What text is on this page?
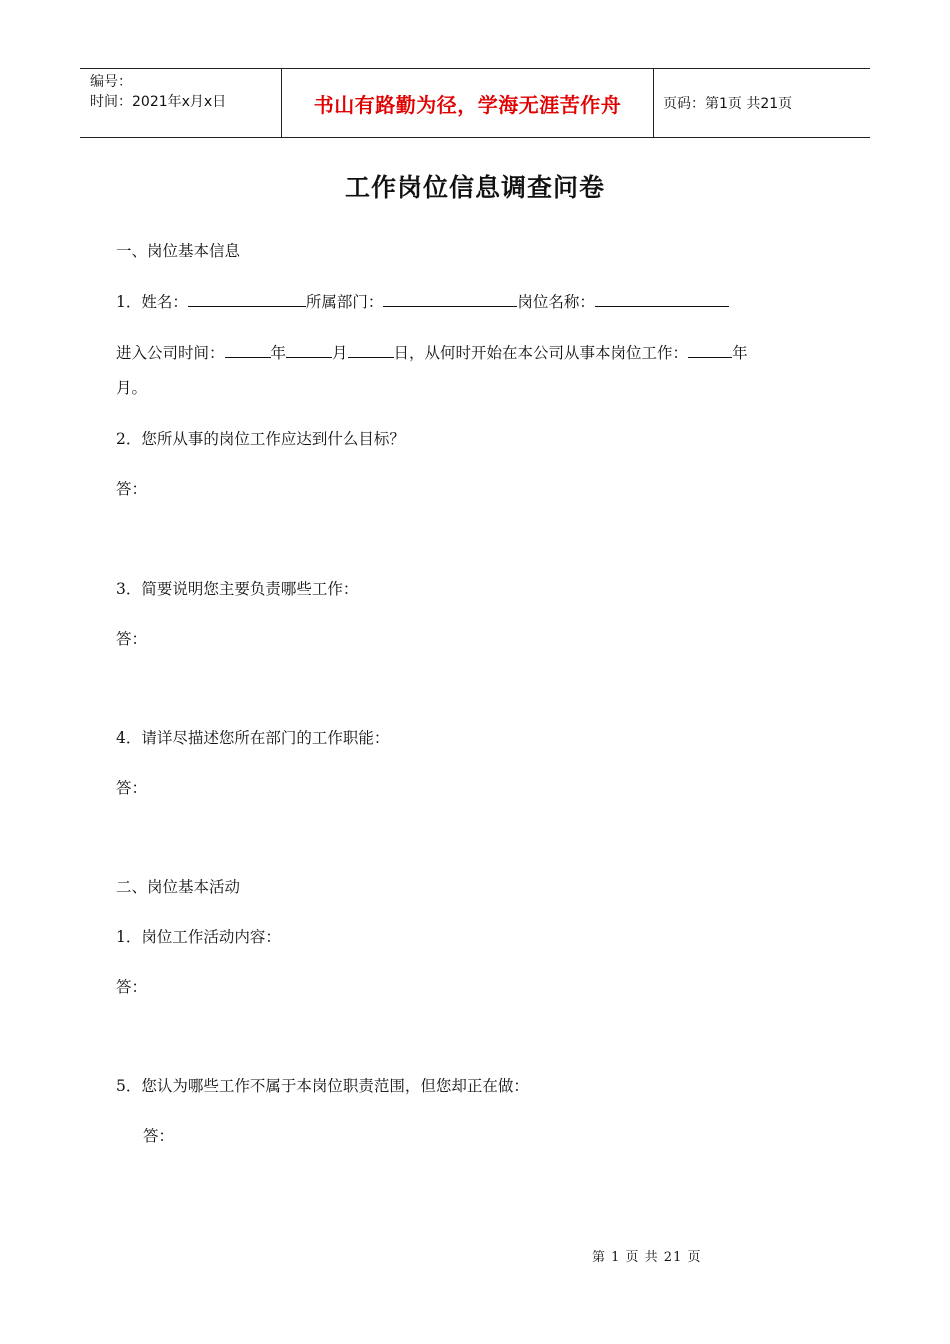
编号：
时间：2021年x月x日	书山有路勤为径，学海无涯苦作舟	页码：第1页 共21页
工作岗位信息调查问卷
一、岗位基本信息
1．姓名：	所属部门：	岗位名称：
进入公司时间：	年	月	日，从何时开始在本公司从事本岗位工作：	年
月。
2．您所从事的岗位工作应达到什么目标？
答：
3．简要说明您主要负责哪些工作：
答：
4．请详尽描述您所在部门的工作职能：
答：
二、岗位基本活动
1．岗位工作活动内容：
答：
5．您认为哪些工作不属于本岗位职责范围，但您却正在做：
答：
第 1 页 共 21 页
